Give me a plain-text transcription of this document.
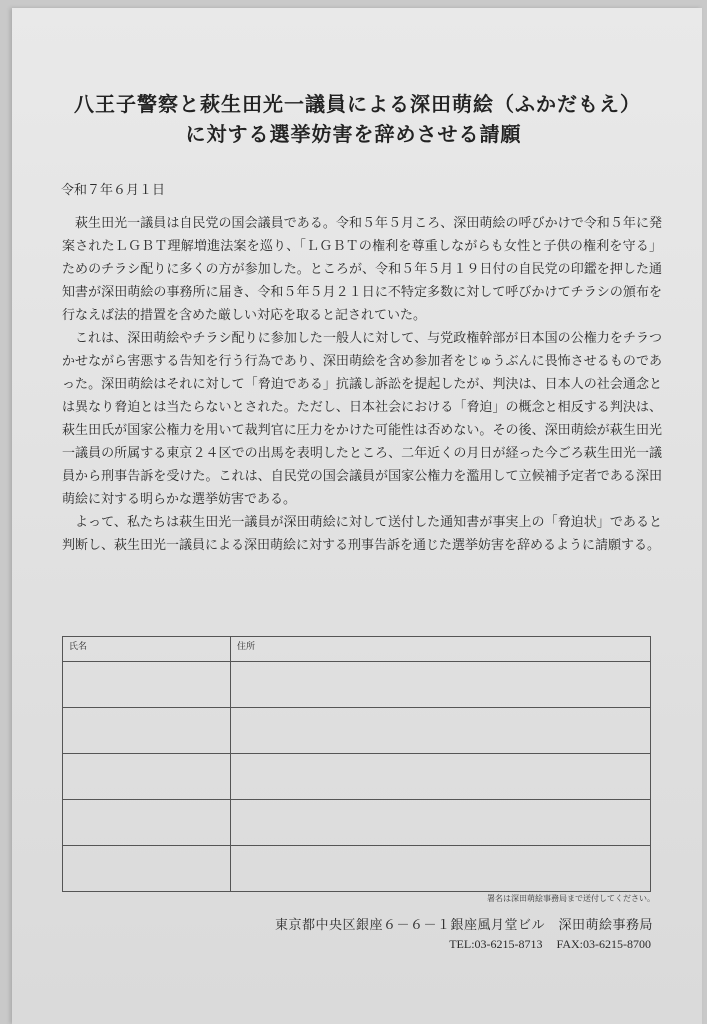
八王子警察と萩生田光一議員による深田萌絵（ふかだもえ）
に対する選挙妨害を辞めさせる請願
令和７年６月１日

萩生田光一議員は自民党の国会議員である。令和５年５月ころ、深田萌絵の呼びかけで令和５年に発案されたＬＧＢＴ理解増進法案を巡り、「ＬＧＢＴの権利を尊重しながらも女性と子供の権利を守る」ためのチラシ配りに多くの方が参加した。ところが、令和５年５月１９日付の自民党の印鑑を押した通知書が深田萌絵の事務所に届き、令和５年５月２１日に不特定多数に対して呼びかけてチラシの頒布を行なえば法的措置を含めた厳しい対応を取ると記されていた。

これは、深田萌絵やチラシ配りに参加した一般人に対して、与党政権幹部が日本国の公権力をチラつかせながら害悪する告知を行う行為であり、深田萌絵を含め参加者をじゅうぶんに畏怖させるものであった。深田萌絵はそれに対して「脅迫である」抗議し訴訟を提起したが、判決は、日本人の社会通念とは異なり脅迫とは当たらないとされた。ただし、日本社会における「脅迫」の概念と相反する判決は、萩生田氏が国家公権力を用いて裁判官に圧力をかけた可能性は否めない。その後、深田萌絵が萩生田光一議員の所属する東京２４区での出馬を表明したところ、二年近くの月日が経った今ごろ萩生田光一議員から刑事告訴を受けた。これは、自民党の国会議員が国家公権力を濫用して立候補予定者である深田萌絵に対する明らかな選挙妨害である。

よって、私たちは萩生田光一議員が深田萌絵に対して送付した通知書が事実上の「脅迫状」であると判断し、萩生田光一議員による深田萌絵に対する刑事告訴を通じた選挙妨害を辞めるように請願する。

氏名	住所

署名は深田萌絵事務局まで送付してください。
東京都中央区銀座６－６－１銀座風月堂ビル　深田萌絵事務局
TEL:03-6215-8713 FAX:03-6215-8700
